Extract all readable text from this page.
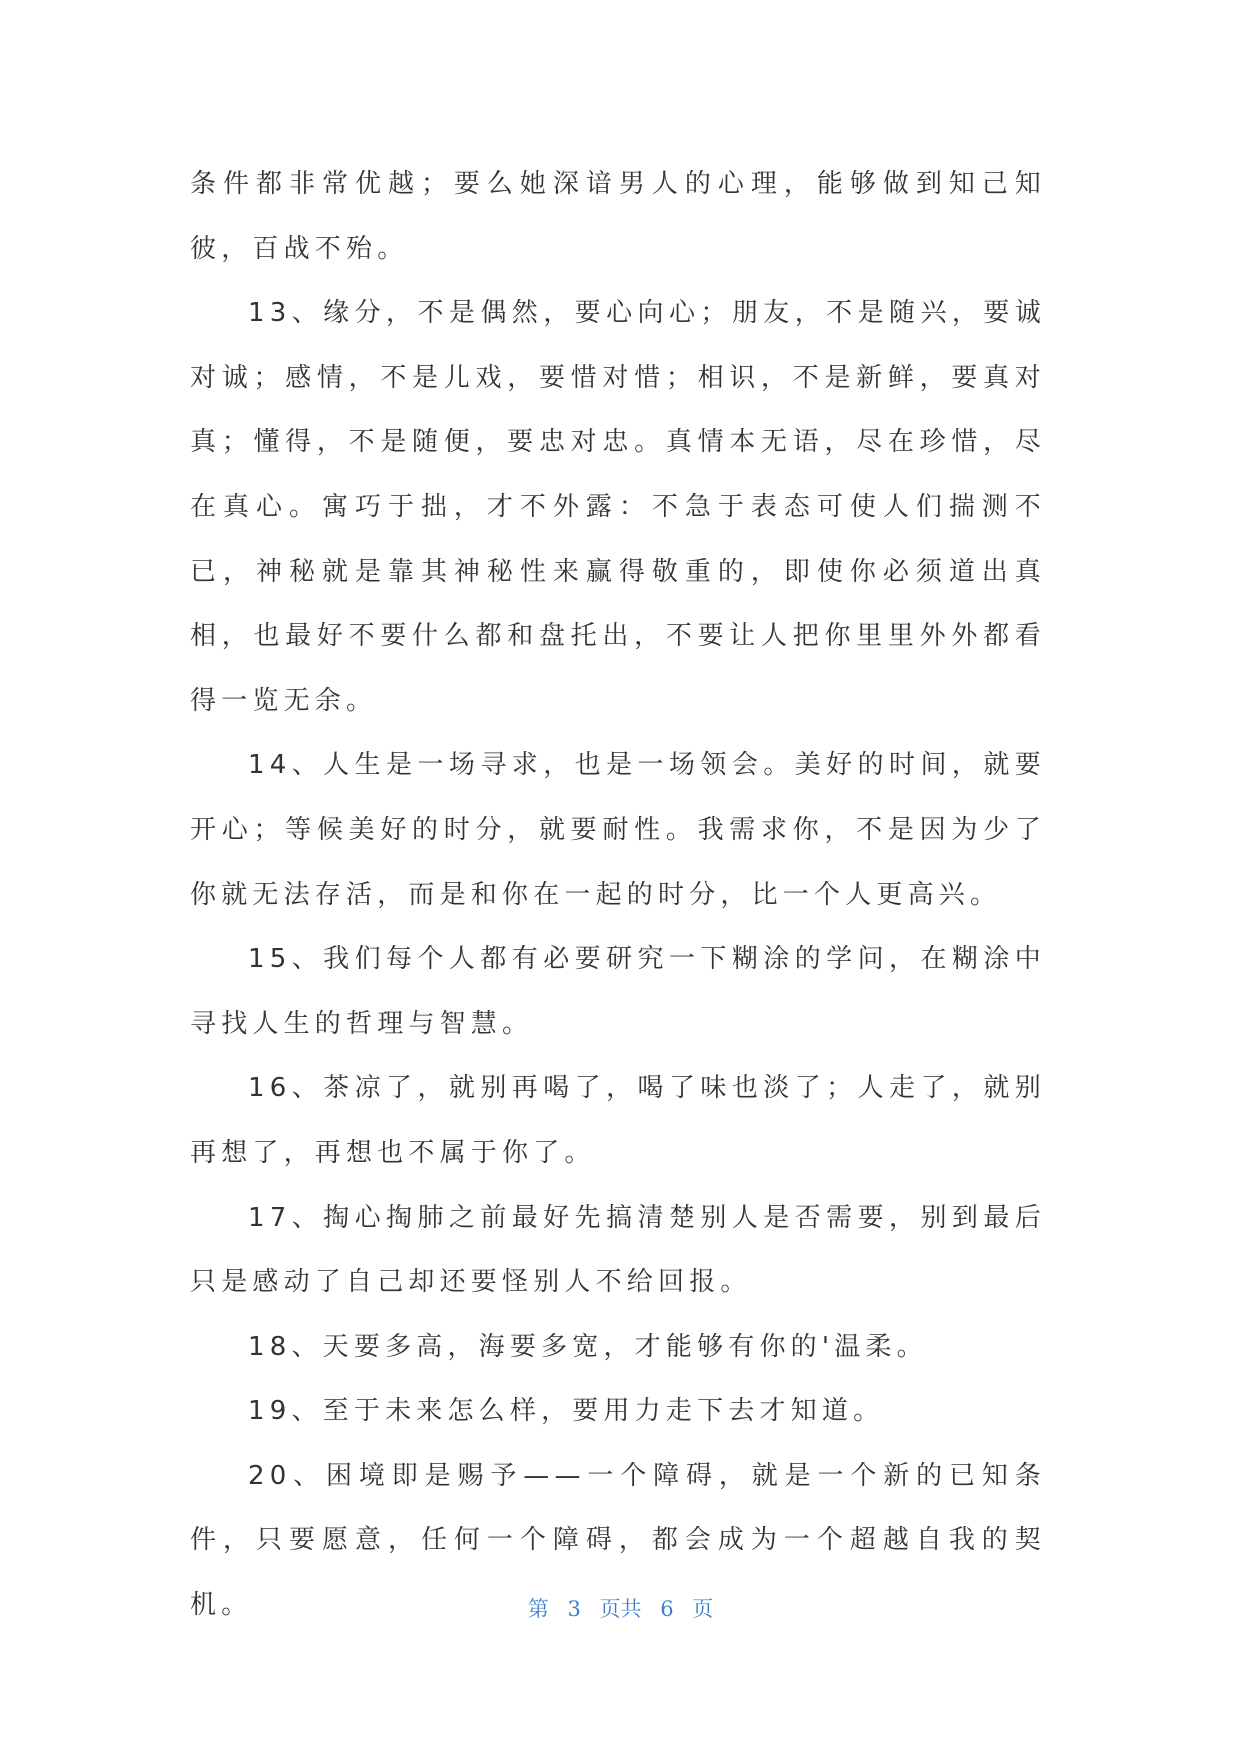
条件都非常优越；要么她深谙男人的心理，能够做到知己知彼，百战不殆。

13、缘分，不是偶然，要心向心；朋友，不是随兴，要诚对诚；感情，不是儿戏，要惜对惜；相识，不是新鲜，要真对真；懂得，不是随便，要忠对忠。真情本无语，尽在珍惜，尽在真心。寓巧于拙，才不外露：不急于表态可使人们揣测不已，神秘就是靠其神秘性来赢得敬重的，即使你必须道出真相，也最好不要什么都和盘托出，不要让人把你里里外外都看得一览无余。

14、人生是一场寻求，也是一场领会。美好的时间，就要开心；等候美好的时分，就要耐性。我需求你，不是因为少了你就无法存活，而是和你在一起的时分，比一个人更高兴。

15、我们每个人都有必要研究一下糊涂的学问，在糊涂中寻找人生的哲理与智慧。

16、茶凉了，就别再喝了，喝了味也淡了；人走了，就别再想了，再想也不属于你了。

17、掏心掏肺之前最好先搞清楚别人是否需要，别到最后只是感动了自己却还要怪别人不给回报。

18、天要多高，海要多宽，才能够有你的'温柔。

19、至于未来怎么样，要用力走下去才知道。

20、困境即是赐予——一个障碍，就是一个新的已知条件，只要愿意，任何一个障碍，都会成为一个超越自我的契机。	第 3 页共 6 页
